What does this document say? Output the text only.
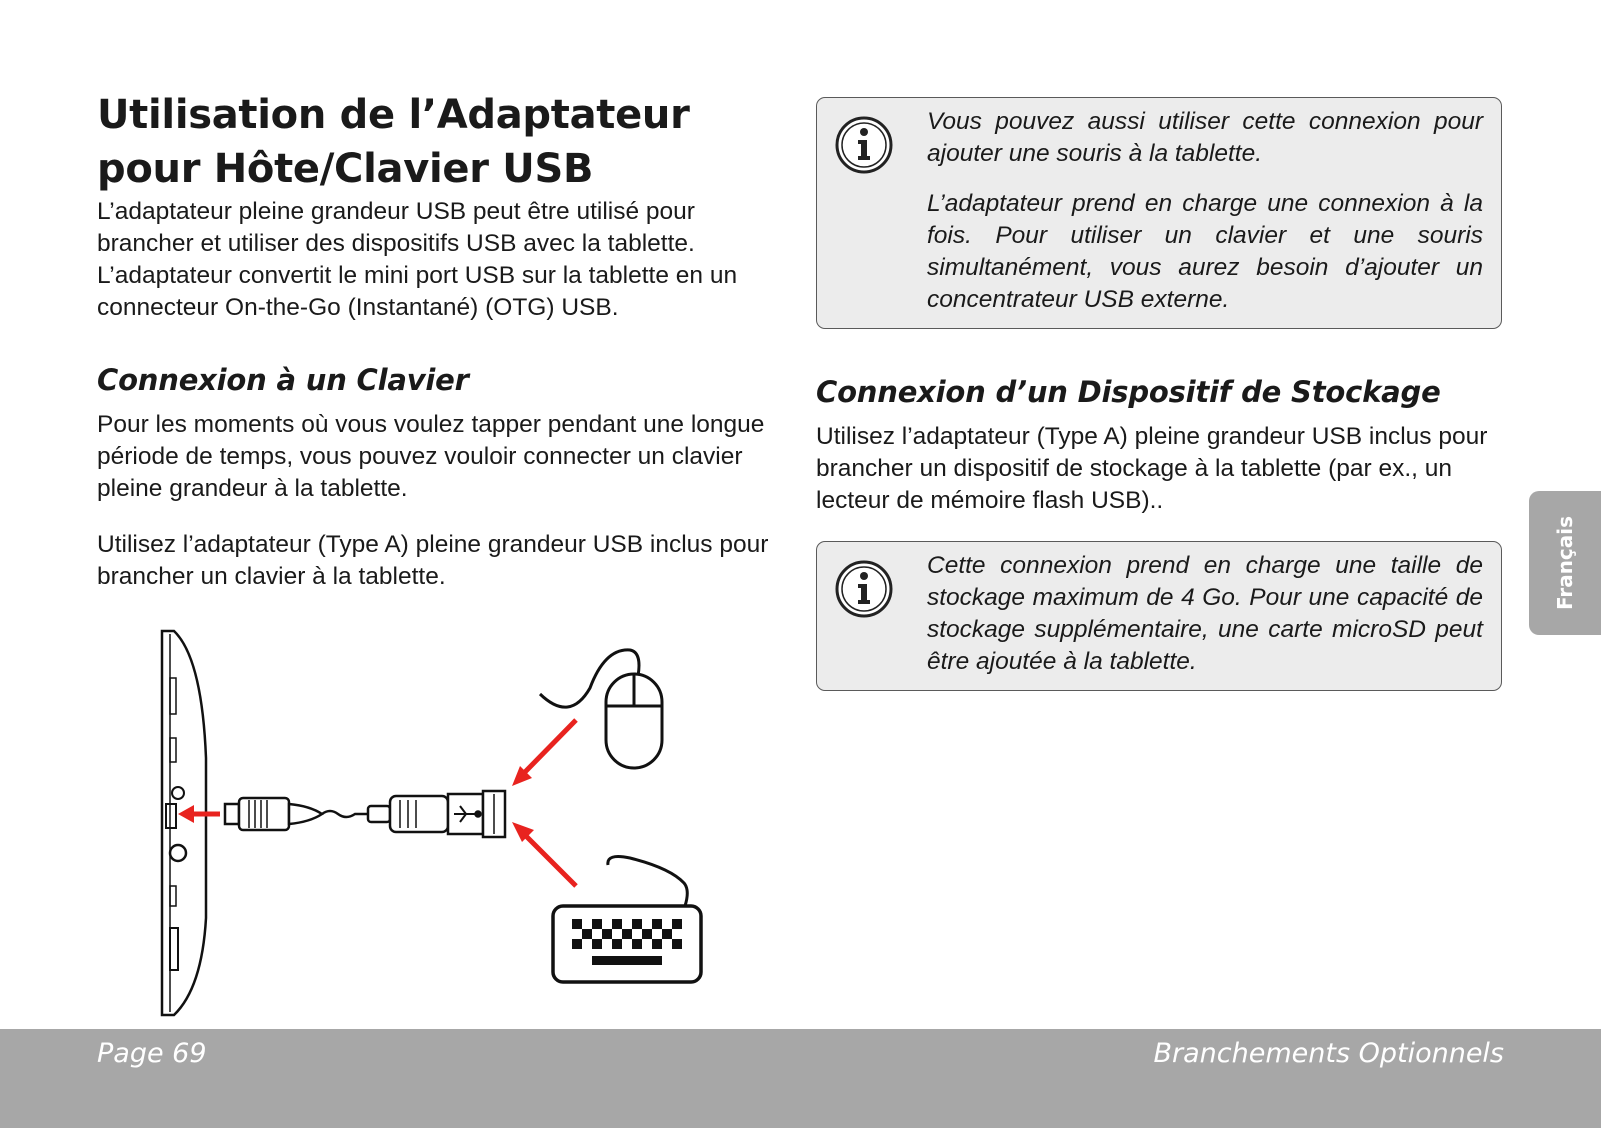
Utilisation de l’Adaptateur pour Hôte/Clavier USB

L’adaptateur pleine grandeur USB peut être utilisé pour brancher et utiliser des dispositifs USB avec la tablette. L’adaptateur convertit le mini port USB sur la tablette en un connecteur On-the-Go (Instantané) (OTG) USB.

Connexion à un Clavier

Pour les moments où vous voulez tapper pendant une longue période de temps, vous pouvez vouloir connecter un clavier pleine grandeur à la tablette.

Utilisez l’adaptateur (Type A) pleine grandeur USB inclus pour brancher un clavier à la tablette.

Vous pouvez aussi utiliser cette connexion pour ajouter une souris à la tablette.

L’adaptateur prend en charge une connexion à la fois. Pour utiliser un clavier et une souris simultanément, vous aurez besoin d’ajouter un concentrateur USB externe.

Connexion d’un Dispositif de Stockage

Utilisez l’adaptateur (Type A) pleine grandeur USB inclus pour brancher un dispositif de stockage à la tablette (par ex., un lecteur de mémoire flash USB)..

Cette connexion prend en charge une taille de stockage maximum de 4 Go. Pour une capacité de stockage supplémentaire, une carte microSD peut être ajoutée à la tablette.

Français
Page 69	Branchements Optionnels
